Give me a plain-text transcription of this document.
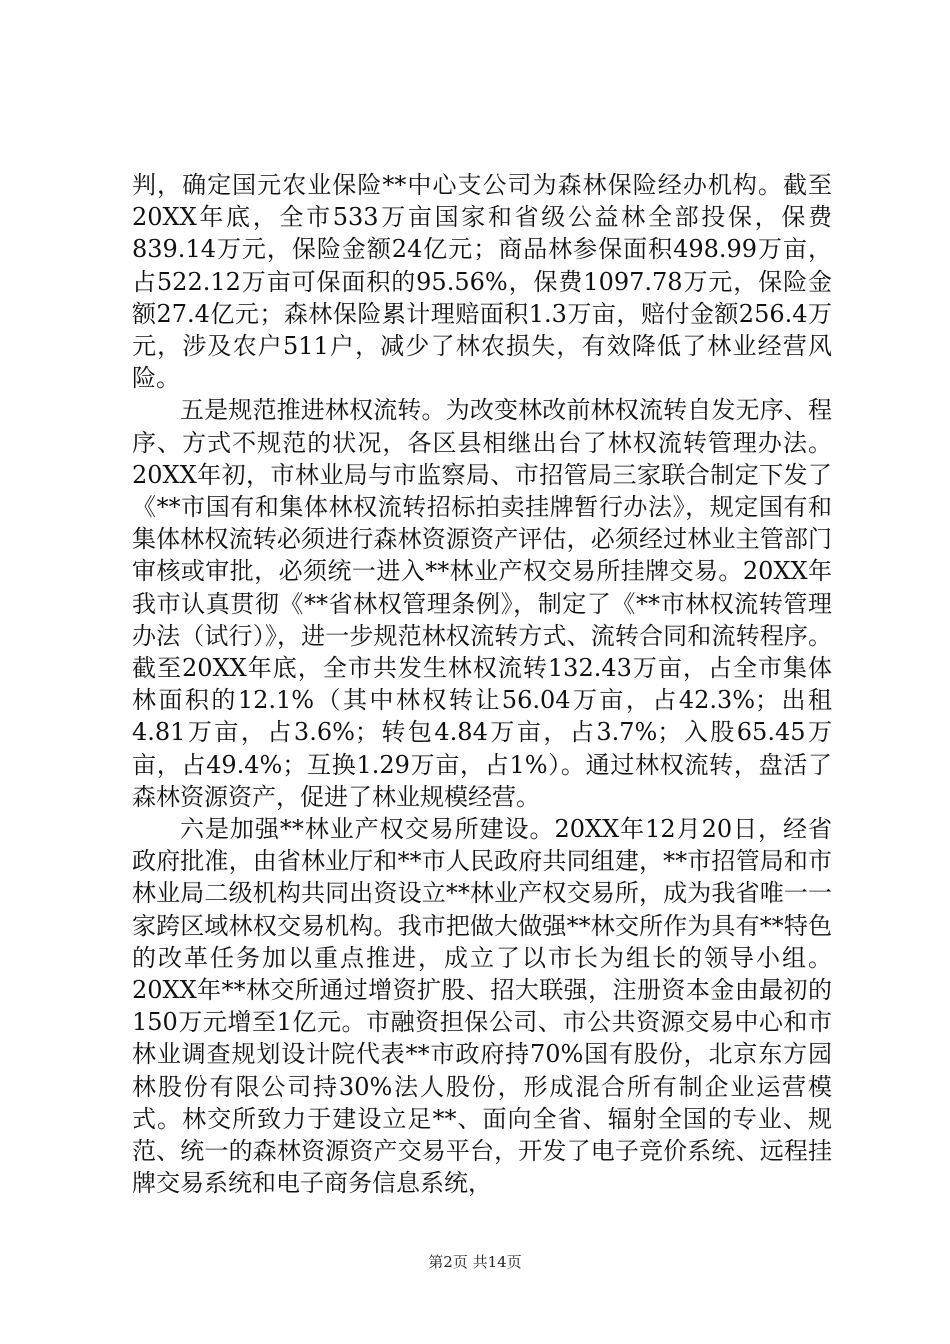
判，确定国元农业保险**中心支公司为森林保险经办机构。截至20XX年底，全市533万亩国家和省级公益林全部投保，保费839.14万元，保险金额24亿元；商品林参保面积498.99万亩，占522.12万亩可保面积的95.56%，保费1097.78万元，保险金额27.4亿元；森林保险累计理赔面积1.3万亩，赔付金额256.4万元，涉及农户511户，减少了林农损失，有效降低了林业经营风险。

五是规范推进林权流转。为改变林改前林权流转自发无序、程序、方式不规范的状况，各区县相继出台了林权流转管理办法。20XX年初，市林业局与市监察局、市招管局三家联合制定下发了《**市国有和集体林权流转招标拍卖挂牌暂行办法》，规定国有和集体林权流转必须进行森林资源资产评估，必须经过林业主管部门审核或审批，必须统一进入**林业产权交易所挂牌交易。20XX年我市认真贯彻《**省林权管理条例》，制定了《**市林权流转管理办法（试行）》，进一步规范林权流转方式、流转合同和流转程序。截至20XX年底，全市共发生林权流转132.43万亩，占全市集体林面积的12.1%（其中林权转让56.04万亩，占42.3%；出租4.81万亩，占3.6%；转包4.84万亩，占3.7%；入股65.45万亩，占49.4%；互换1.29万亩，占1%）。通过林权流转，盘活了森林资源资产，促进了林业规模经营。

六是加强**林业产权交易所建设。20XX年12月20日，经省政府批准，由省林业厅和**市人民政府共同组建，**市招管局和市林业局二级机构共同出资设立**林业产权交易所，成为我省唯一一家跨区域林权交易机构。我市把做大做强**林交所作为具有**特色的改革任务加以重点推进，成立了以市长为组长的领导小组。20XX年**林交所通过增资扩股、招大联强，注册资本金由最初的150万元增至1亿元。市融资担保公司、市公共资源交易中心和市林业调查规划设计院代表**市政府持70%国有股份，北京东方园林股份有限公司持30%法人股份，形成混合所有制企业运营模式。林交所致力于建设立足**、面向全省、辐射全国的专业、规范、统一的森林资源资产交易平台，开发了电子竞价系统、远程挂牌交易系统和电子商务信息系统，

第2页 共14页
